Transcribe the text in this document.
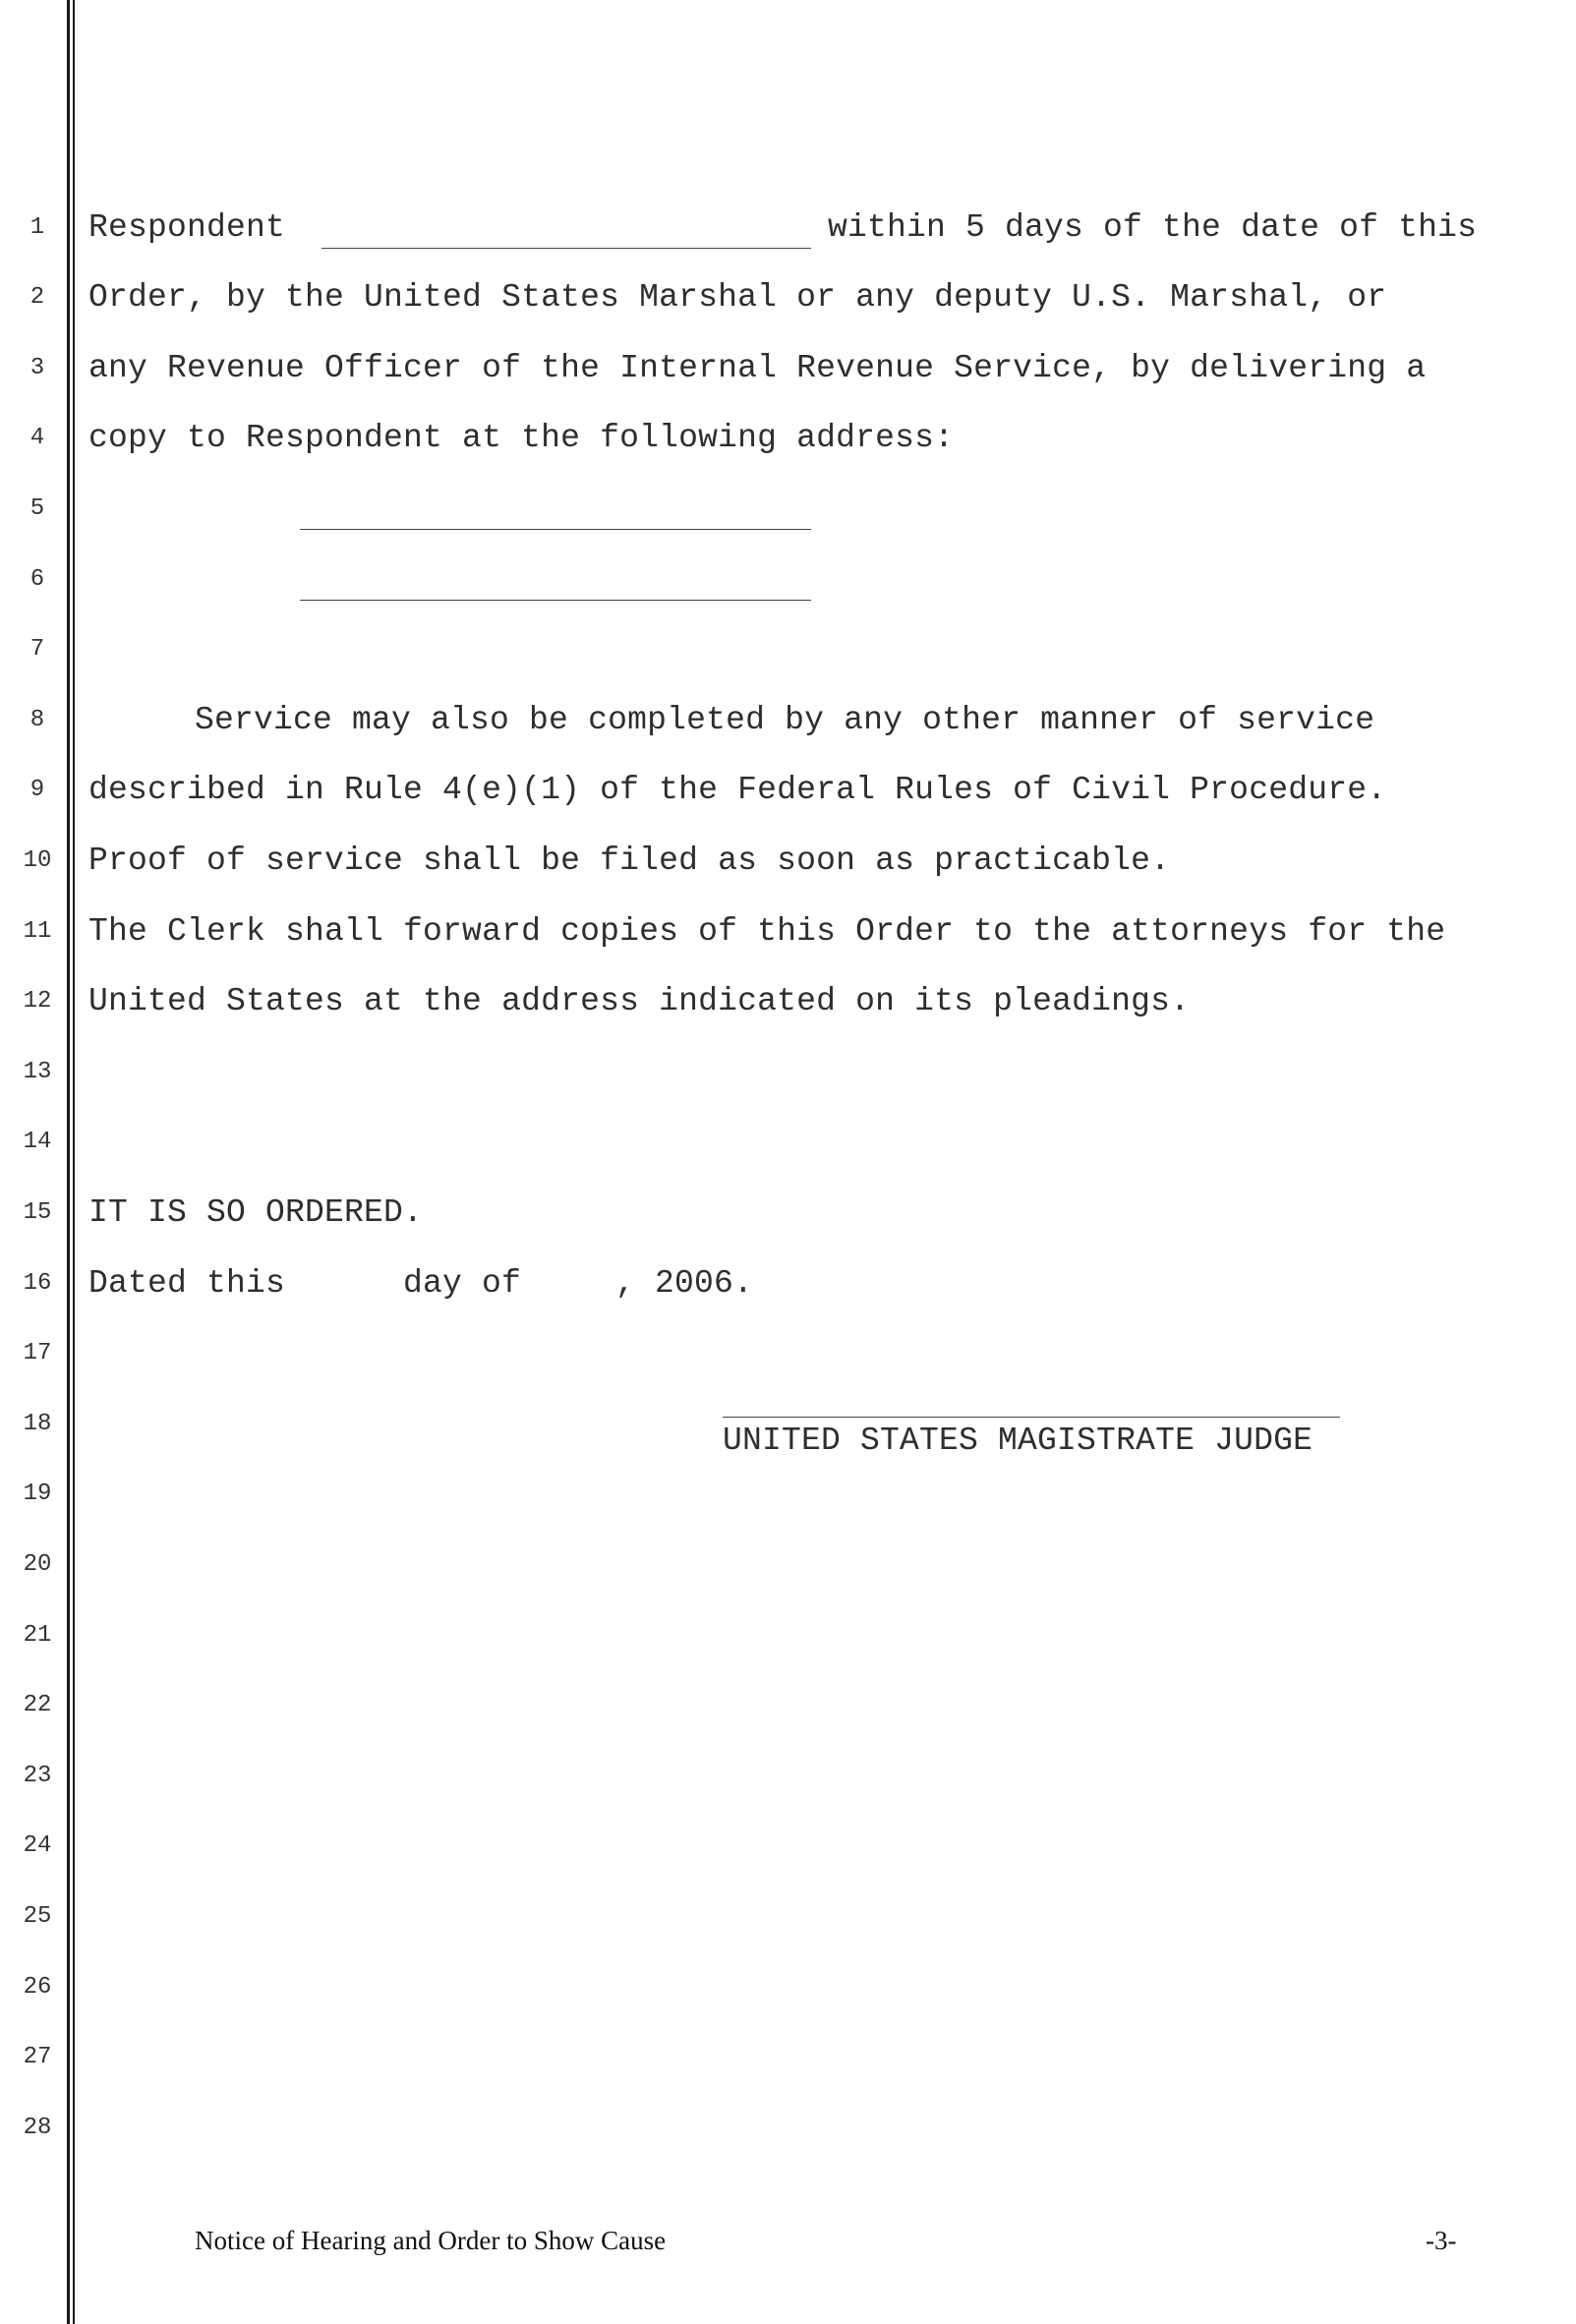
1
2
3
4
5
6
7
8
9
10
11
12
13
14
15
16
17
18
19
20
21
22
23
24
25
26
27
28
Respondent	within 5 days of the date of this
Order, by the United States Marshal or any deputy U.S. Marshal, or
any Revenue Officer of the Internal Revenue Service, by delivering a
copy to Respondent at the following address:
Service may also be completed by any other manner of service
described in Rule 4(e)(1) of the Federal Rules of Civil Procedure.
Proof of service shall be filed as soon as practicable.
The Clerk shall forward copies of this Order to the attorneys for the
United States at the address indicated on its pleadings.
IT IS SO ORDERED.
Dated this	day of	, 2006.
UNITED STATES MAGISTRATE JUDGE
Notice of Hearing and Order to Show Cause	-3-
